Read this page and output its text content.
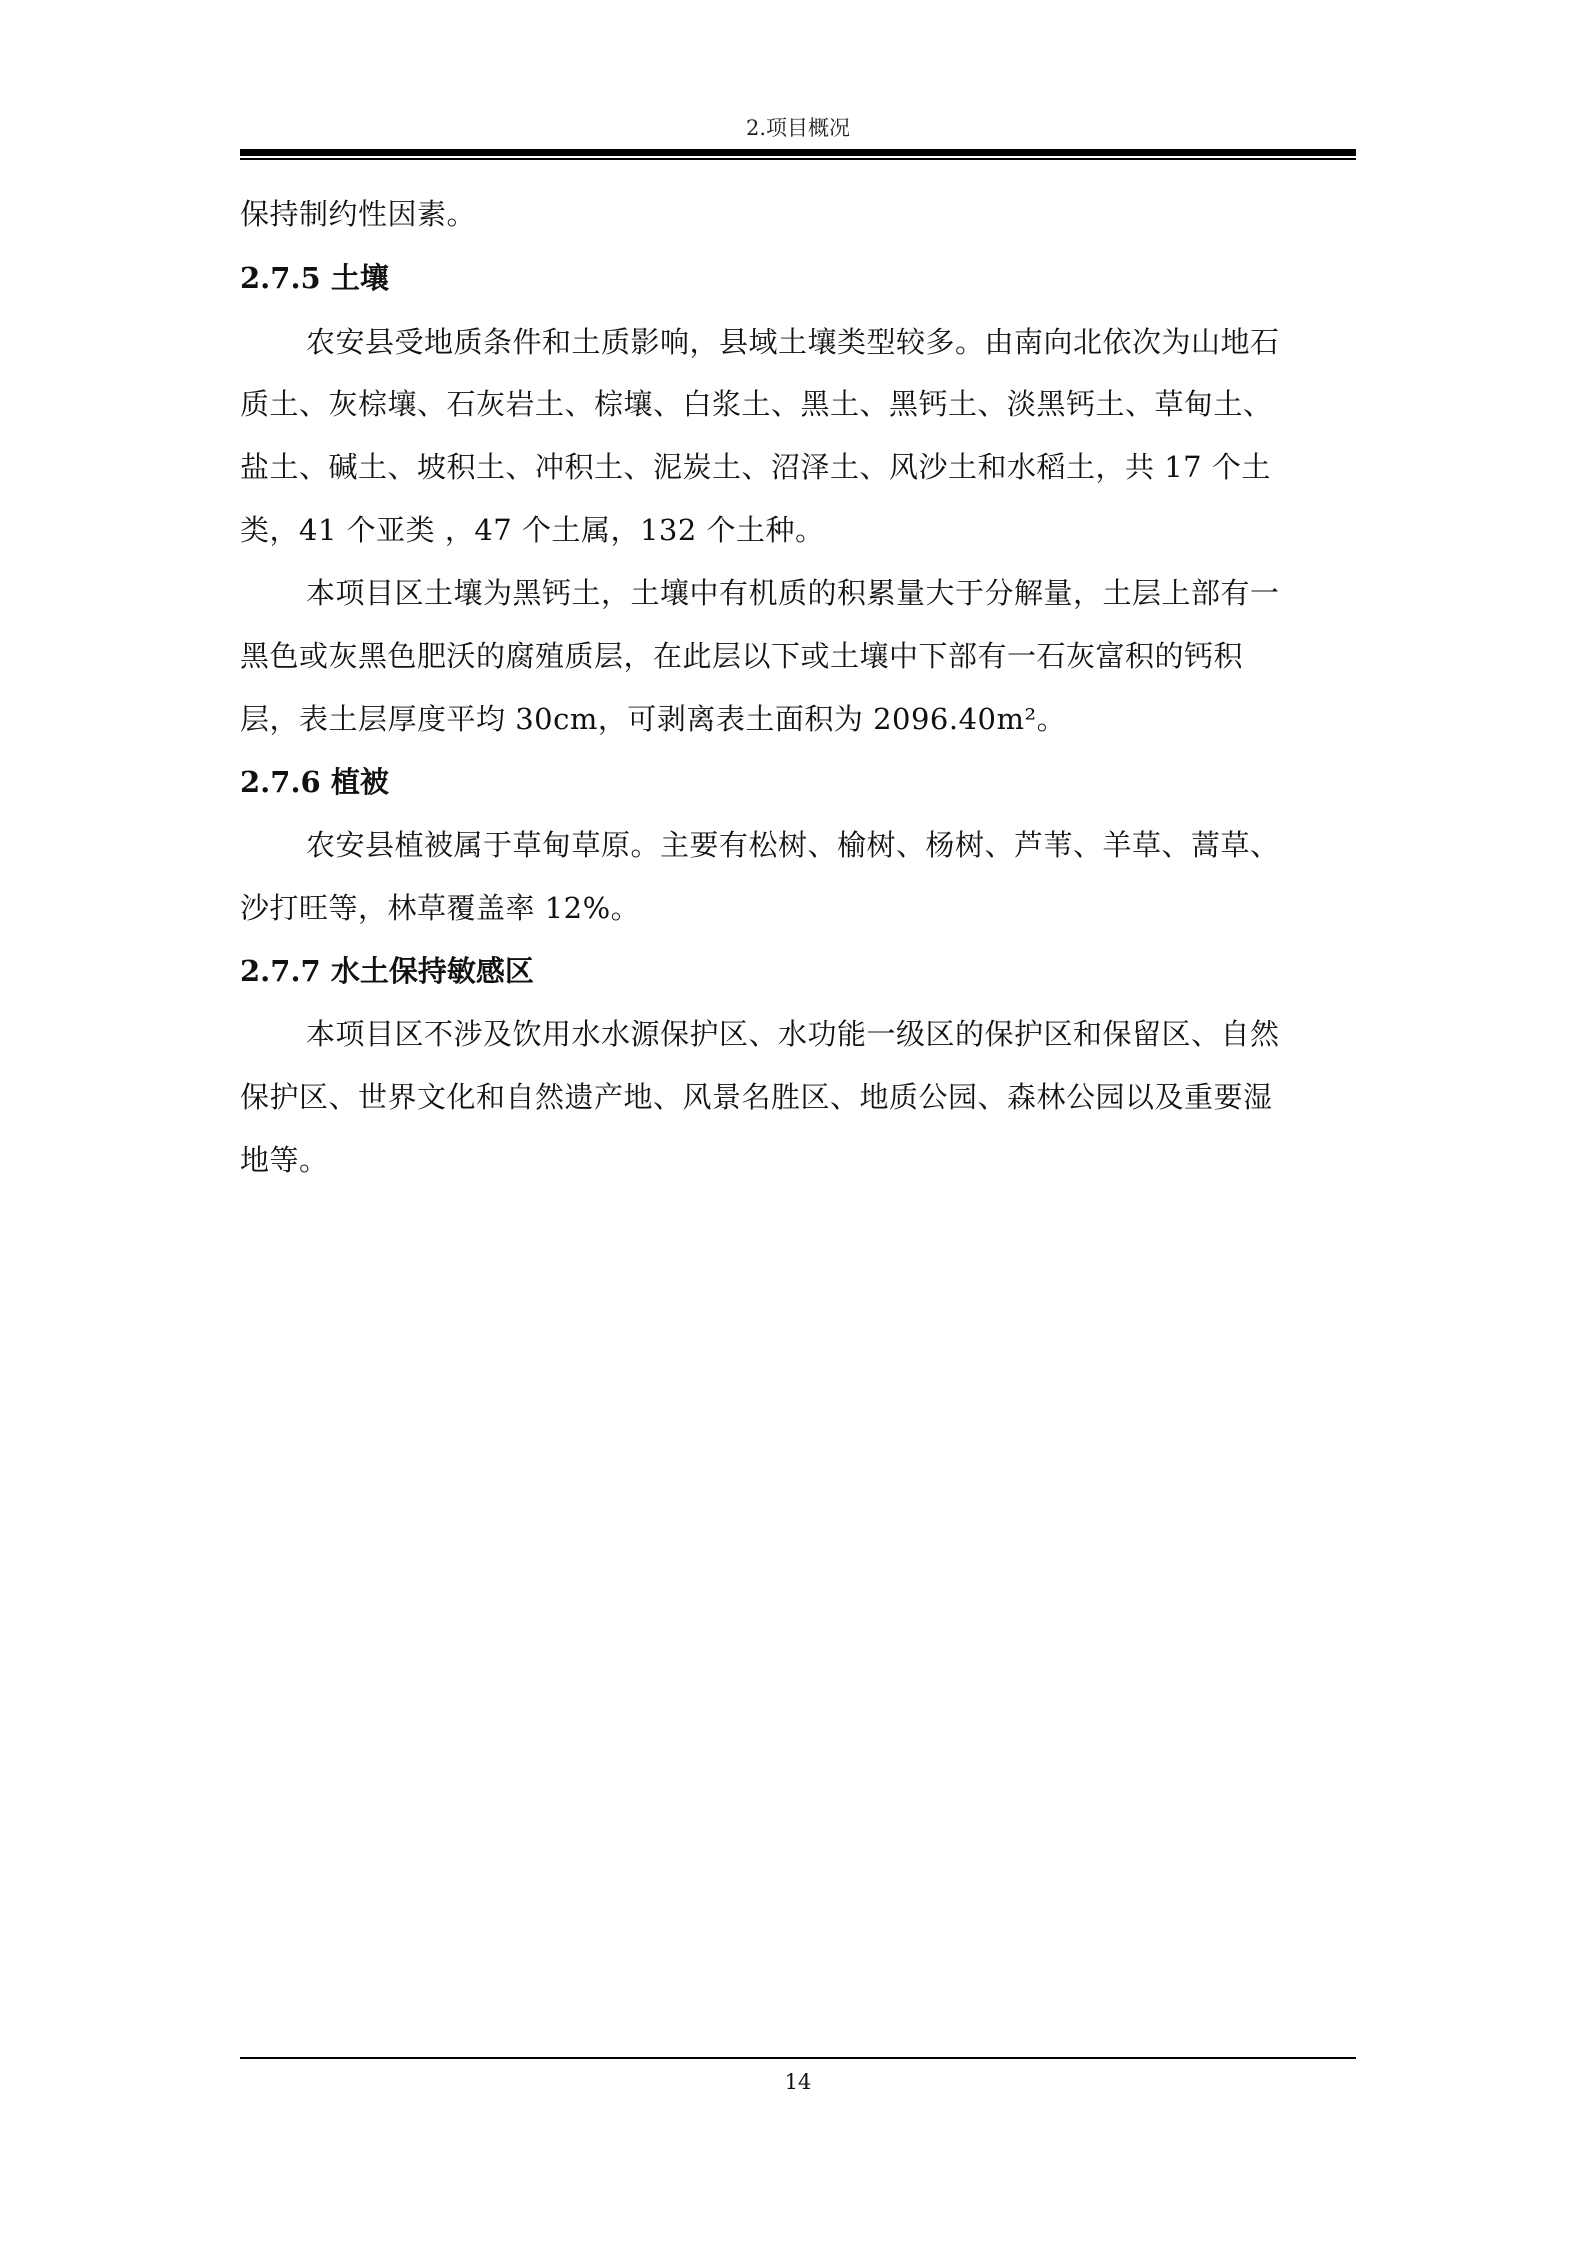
2.项目概况
保持制约性因素。
2.7.5 土壤
农安县受地质条件和土质影响，县域土壤类型较多。由南向北依次为山地石
质土、灰棕壤、石灰岩土、棕壤、白浆土、黑土、黑钙土、淡黑钙土、草甸土、
盐土、碱土、坡积土、冲积土、泥炭土、沼泽土、风沙土和水稻土，共 17 个土
类，41 个亚类 ，47 个土属，132 个土种。
本项目区土壤为黑钙土，土壤中有机质的积累量大于分解量，土层上部有一
黑色或灰黑色肥沃的腐殖质层，在此层以下或土壤中下部有一石灰富积的钙积
层，表土层厚度平均 30cm，可剥离表土面积为 2096.40m²。
2.7.6 植被
农安县植被属于草甸草原。主要有松树、榆树、杨树、芦苇、羊草、蒿草、
沙打旺等，林草覆盖率 12%。
2.7.7 水土保持敏感区
本项目区不涉及饮用水水源保护区、水功能一级区的保护区和保留区、自然
保护区、世界文化和自然遗产地、风景名胜区、地质公园、森林公园以及重要湿
地等。
14
